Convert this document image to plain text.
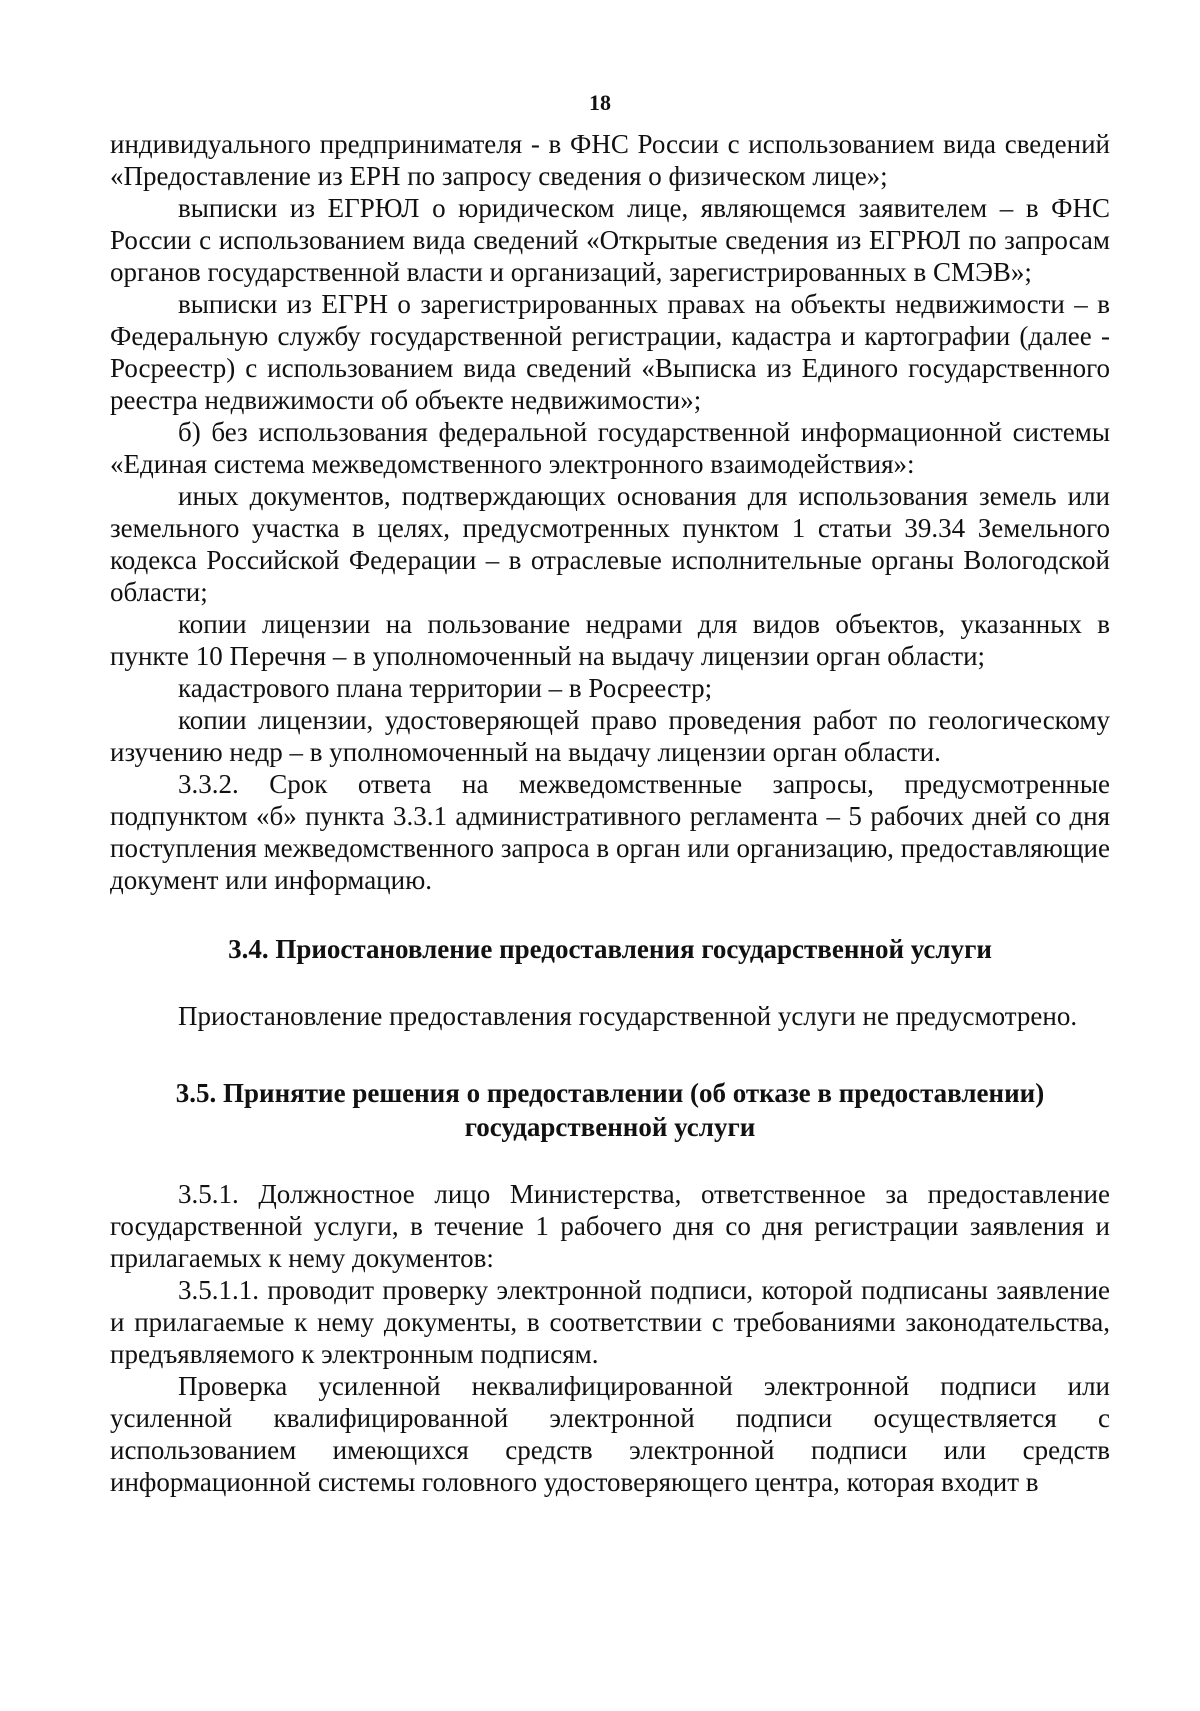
18

индивидуального предпринимателя - в ФНС России с использованием вида сведений «Предоставление из ЕРН по запросу сведения о физическом лице»;

выписки из ЕГРЮЛ о юридическом лице, являющемся заявителем – в ФНС России с использованием вида сведений «Открытые сведения из ЕГРЮЛ по запросам органов государственной власти и организаций, зарегистрированных в СМЭВ»;

выписки из ЕГРН о зарегистрированных правах на объекты недвижимости – в Федеральную службу государственной регистрации, кадастра и картографии (далее - Росреестр) с использованием вида сведений «Выписка из Единого государственного реестра недвижимости об объекте недвижимости»;

б) без использования федеральной государственной информационной системы «Единая система межведомственного электронного взаимодействия»:

иных документов, подтверждающих основания для использования земель или земельного участка в целях, предусмотренных пунктом 1 статьи 39.34 Земельного кодекса Российской Федерации – в отраслевые исполнительные органы Вологодской области;

копии лицензии на пользование недрами для видов объектов, указанных в пункте 10 Перечня – в уполномоченный на выдачу лицензии орган области;

кадастрового плана территории – в Росреестр;

копии лицензии, удостоверяющей право проведения работ по геологическому изучению недр – в уполномоченный на выдачу лицензии орган области.

3.3.2. Срок ответа на межведомственные запросы, предусмотренные подпунктом «б» пункта 3.3.1 административного регламента – 5 рабочих дней со дня поступления межведомственного запроса в орган или организацию, предоставляющие документ или информацию.

3.4. Приостановление предоставления государственной услуги

Приостановление предоставления государственной услуги не предусмотрено.

3.5. Принятие решения о предоставлении (об отказе в предоставлении)
государственной услуги

3.5.1. Должностное лицо Министерства, ответственное за предоставление государственной услуги, в течение 1 рабочего дня со дня регистрации заявления и прилагаемых к нему документов:

3.5.1.1. проводит проверку электронной подписи, которой подписаны заявление и прилагаемые к нему документы, в соответствии с требованиями законодательства, предъявляемого к электронным подписям.

Проверка усиленной неквалифицированной электронной подписи или усиленной квалифицированной электронной подписи осуществляется с использованием имеющихся средств электронной подписи или средств информационной системы головного удостоверяющего центра, которая входит в
